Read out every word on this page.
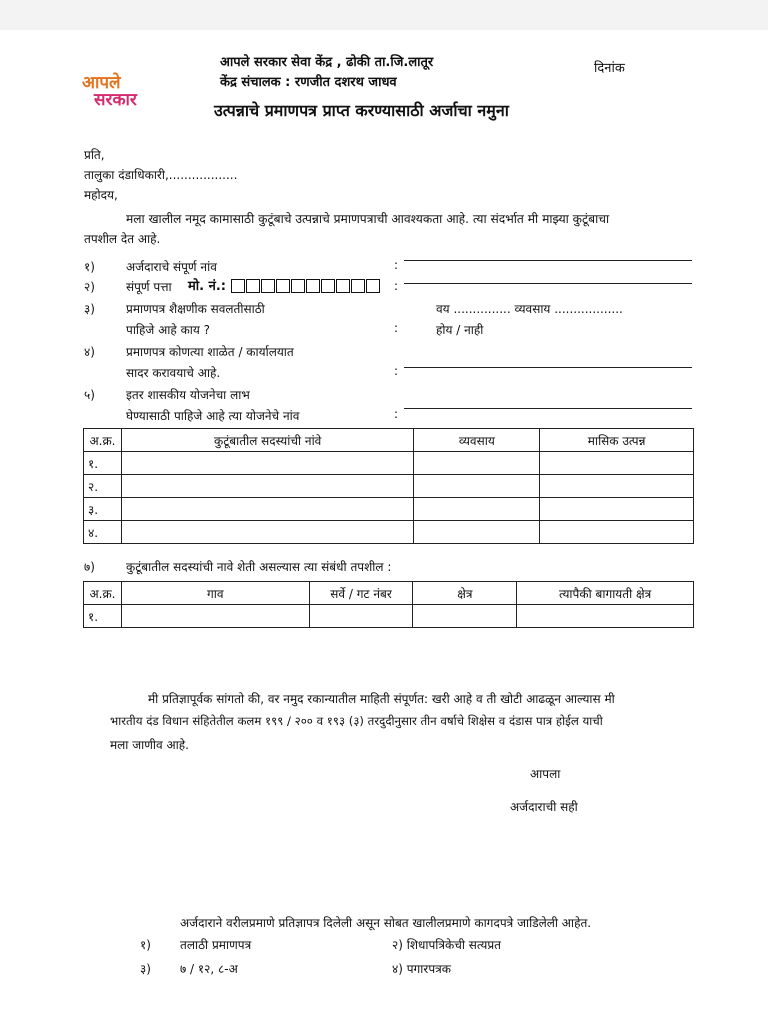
आपले
सरकार
आपले सरकार सेवा केंद्र , ढोकी ता.जि.लातूर
केंद्र संचालक : रणजीत दशरथ जाधव
दिनांक
उत्पन्नाचे प्रमाणपत्र प्राप्त करण्यासाठी अर्जाचा नमुना
प्रति,
तालुका दंडाधिकारी,..................
महोदय,
मला खालील नमूद कामासाठी कुटूंबाचे उत्पन्नाचे प्रमाणपत्राची आवश्यकता आहे. त्या संदर्भात मी माझ्या कुटूंबाचा
तपशील देत आहे.
१)	अर्जदाराचे संपूर्ण नांव	:
२)	संपूर्ण पत्ता मो. नं.:	:
३)	प्रमाणपत्र शैक्षणीक सवलतीसाठी	वय ............... व्यवसाय ..................
पाहिजे आहे काय ?	:	होय / नाही
४)	प्रमाणपत्र कोणत्या शाळेत / कार्यालयात
सादर करावयाचे आहे.	:
५)	इतर शासकीय योजनेचा लाभ
घेण्यासाठी पाहिजे आहे त्या योजनेचे नांव	:
अ.क्र.	कुटूंबातील सदस्यांची नांवे	व्यवसाय	मासिक उत्पन्न
१.			
२.			
३.			
४.			
७)	कुटूंबातील सदस्यांची नावे शेती असल्यास त्या संबंधी तपशील :
अ.क्र.	गाव	सर्वे / गट नंबर	क्षेत्र	त्यापैकी बागायती क्षेत्र
१.				
मी प्रतिज्ञापूर्वक सांगतो की, वर नमुद रकान्यातील माहिती संपूर्णत: खरी आहे व ती खोटी आढळून आल्यास मी
भारतीय दंड विधान संहितेतील कलम १९९ / २०० व १९३ (३) तरदुदीनुसार तीन वर्षाचे शिक्षेस व दंडास पात्र होईल याची
मला जाणीव आहे.
आपला
अर्जदाराची सही
अर्जदाराने वरीलप्रमाणे प्रतिज्ञापत्र दिलेली असून सोबत खालीलप्रमाणे कागदपत्रे जाडिलेली आहेत.
१) तलाठी प्रमाणपत्र	२) शिधापत्रिकेची सत्यप्रत
३) ७ / १२, ८-अ	४) पगारपत्रक
